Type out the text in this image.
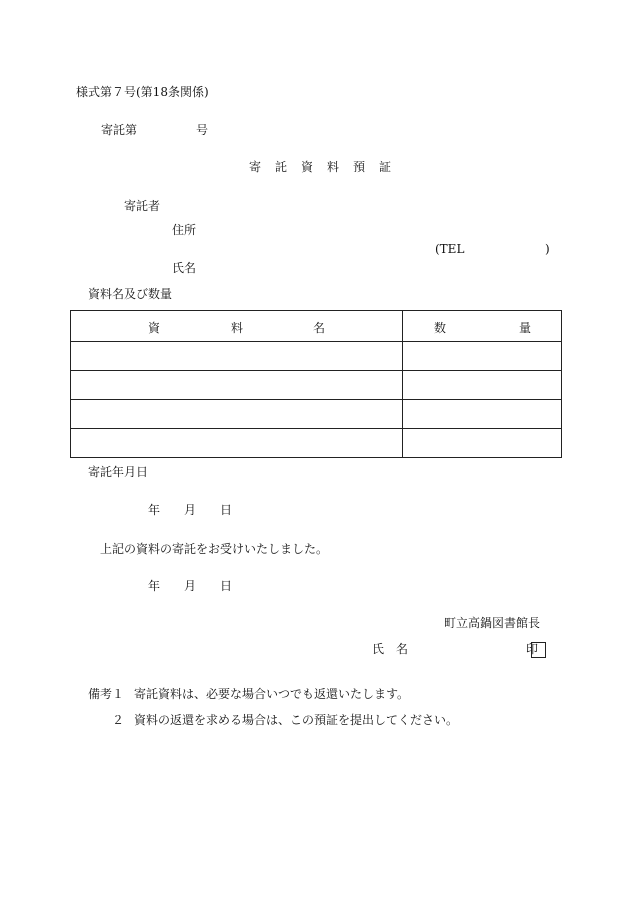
様式第７号(第18条関係)
寄託第	号
寄　託　資　料　預　証
寄託者
住所
(TEL	)
氏名
資料名及び数量
資 料 名	数 量

寄託年月日
年 月 日
上記の資料の寄託をお受けいたしました。
年 月 日
町立高鍋図書館長
氏　名	印
備考１ 寄託資料は、必要な場合いつでも返還いたします。
２ 資料の返還を求める場合は、この預証を提出してください。
